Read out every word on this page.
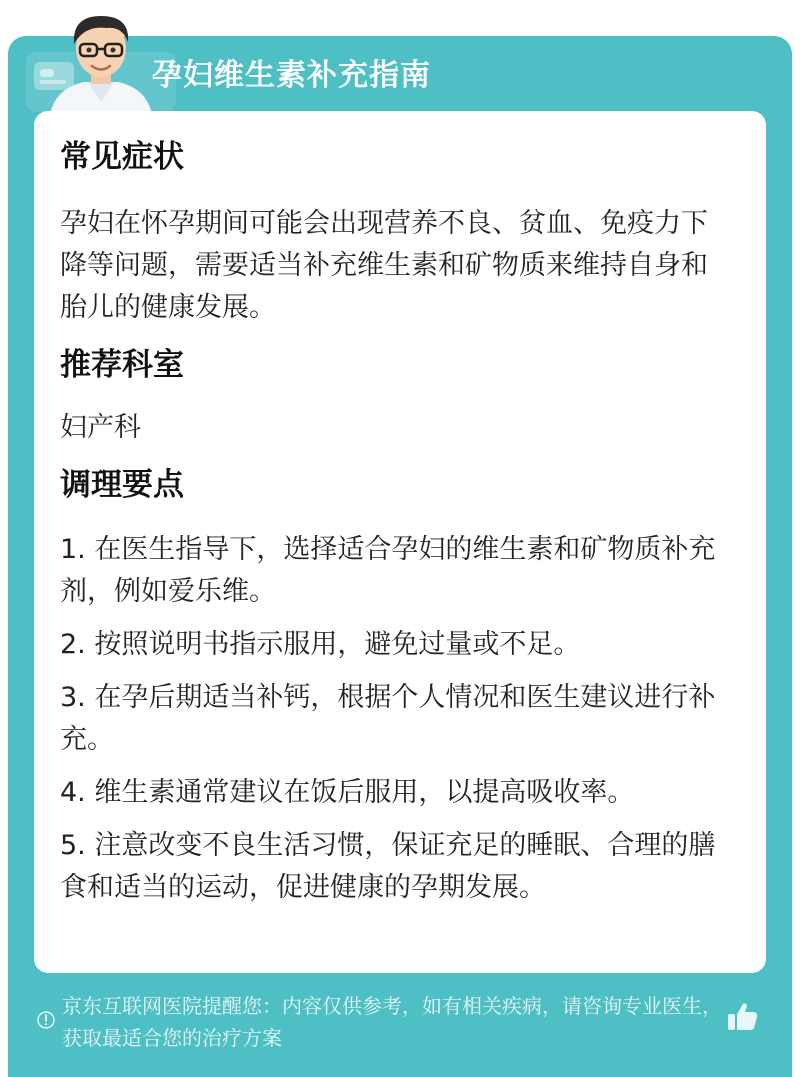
孕妇维生素补充指南
常见症状

孕妇在怀孕期间可能会出现营养不良、贫血、免疫力下降等问题，需要适当补充维生素和矿物质来维持自身和胎儿的健康发展。

推荐科室

妇产科

调理要点

1. 在医生指导下，选择适合孕妇的维生素和矿物质补充剂，例如爱乐维。

2. 按照说明书指示服用，避免过量或不足。

3. 在孕后期适当补钙，根据个人情况和医生建议进行补充。

4. 维生素通常建议在饭后服用，以提高吸收率。

5. 注意改变不良生活习惯，保证充足的睡眠、合理的膳食和适当的运动，促进健康的孕期发展。

京东互联网医院提醒您：内容仅供参考，如有相关疾病，请咨询专业医生，获取最适合您的治疗方案
